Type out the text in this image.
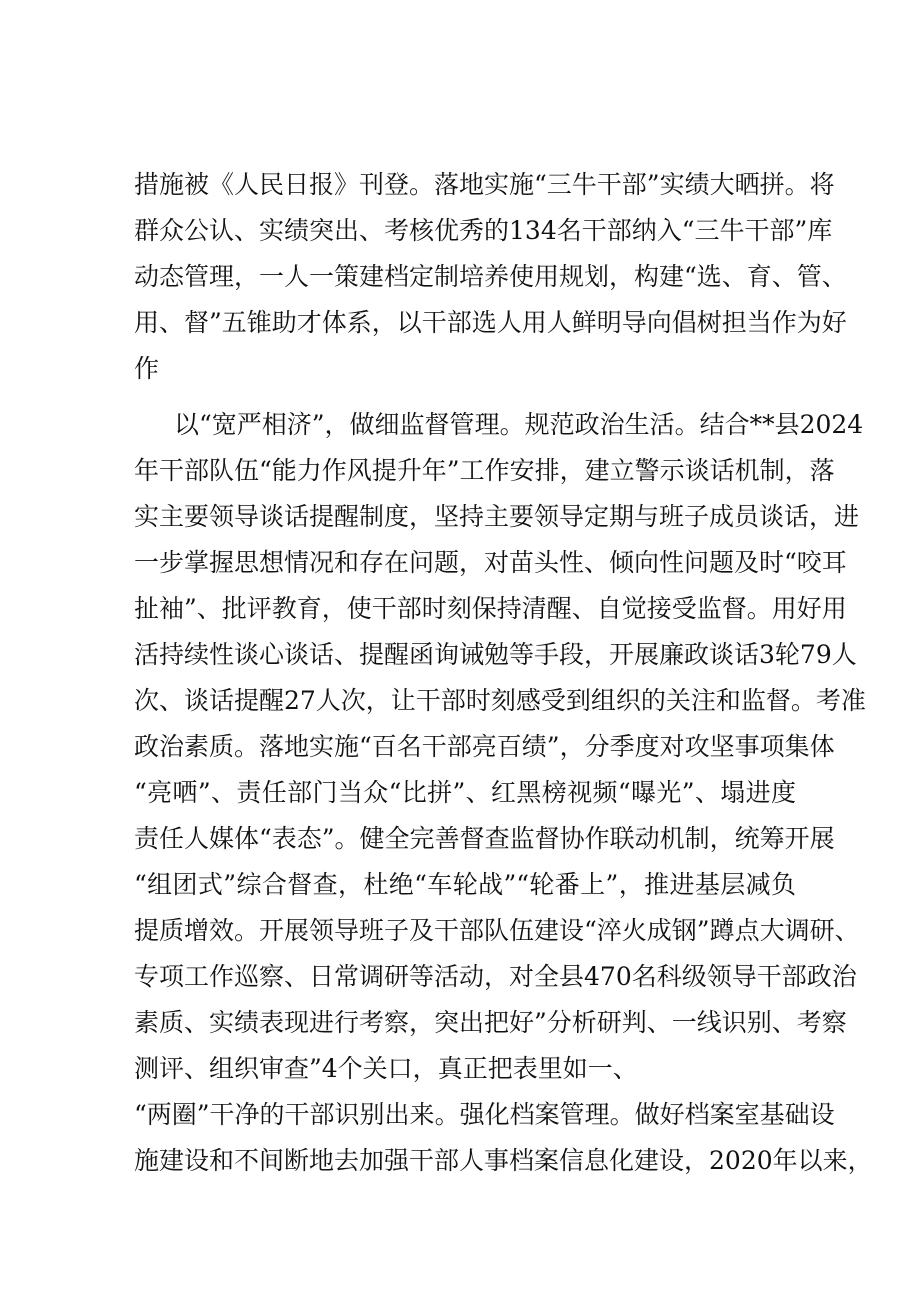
措施被《人民日报》刊登。落地实施“三牛干部”实绩大晒拼。将
群众公认、实绩突出、考核优秀的134名干部纳入“三牛干部”库
动态管理，一人一策建档定制培养使用规划，构建“选、育、管、
用、督”五锥助才体系，以干部选人用人鲜明导向倡树担当作为好
作
以“宽严相济”，做细监督管理。规范政治生活。结合**县2024
年干部队伍“能力作风提升年”工作安排，建立警示谈话机制，落
实主要领导谈话提醒制度，坚持主要领导定期与班子成员谈话，进
一步掌握思想情况和存在问题，对苗头性、倾向性问题及时“咬耳
扯袖”、批评教育，使干部时刻保持清醒、自觉接受监督。用好用
活持续性谈心谈话、提醒函询诫勉等手段，开展廉政谈话3轮79人
次、谈话提醒27人次，让干部时刻感受到组织的关注和监督。考准
政治素质。落地实施“百名干部亮百绩”，分季度对攻坚事项集体
“亮哂”、责任部门当众“比拼”、红黑榜视频“曝光”、塌进度
责任人媒体“表态”。健全完善督查监督协作联动机制，统筹开展
“组团式”综合督查，杜绝“车轮战”“轮番上”，推进基层减负
提质增效。开展领导班子及干部队伍建设“淬火成钢”蹲点大调研、
专项工作巡察、日常调研等活动，对全县470名科级领导干部政治
素质、实绩表现进行考察，突出把好”分析研判、一线识别、考察
测评、组织审查”4个关口，真正把表里如一、
“两圈”干净的干部识别出来。强化档案管理。做好档案室基础设
施建设和不间断地去加强干部人事档案信息化建设，2020年以来，
